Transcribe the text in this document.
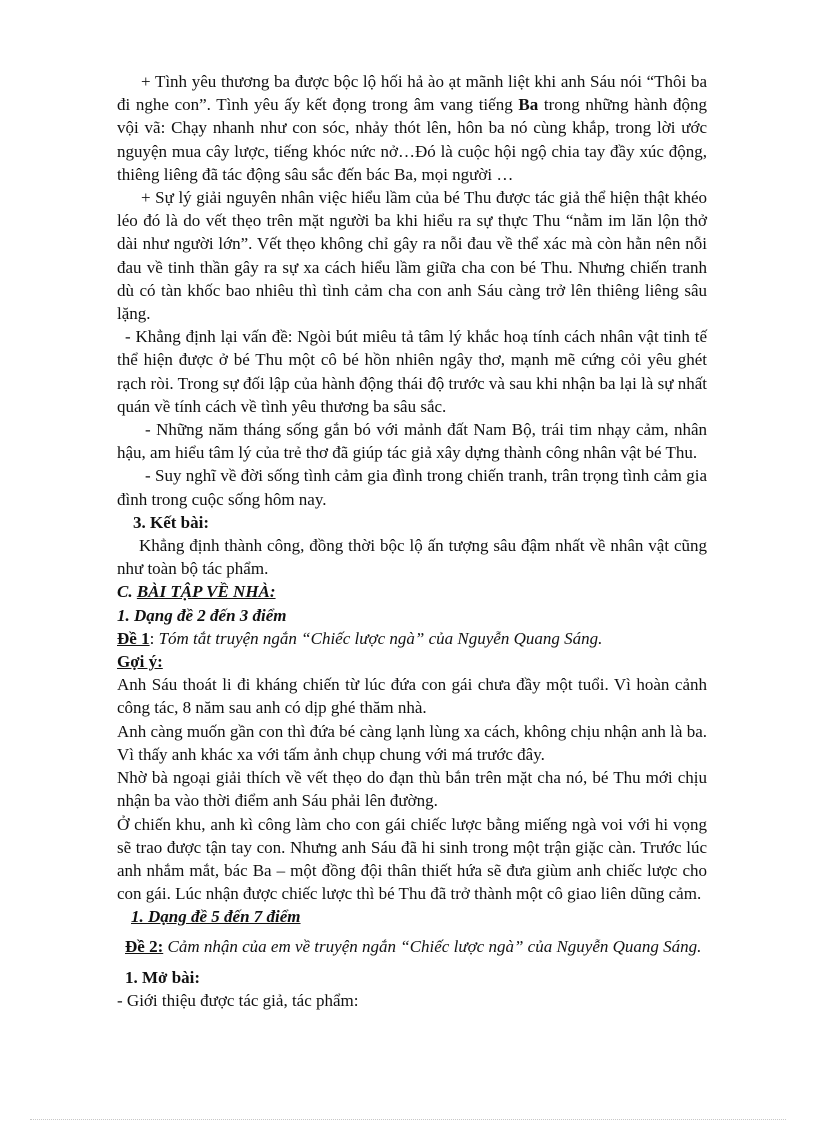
+ Tình yêu thương ba được bộc lộ hối hả ào ạt mãnh liệt khi anh Sáu nói “Thôi ba đi nghe con”. Tình yêu ấy kết đọng trong âm vang tiếng Ba trong những hành động vội vã: Chạy nhanh như con sóc, nhảy thót lên, hôn ba nó cùng khắp, trong lời ước nguyện mua cây lược, tiếng khóc nức nở…Đó là cuộc hội ngộ chia tay đầy xúc động, thiêng liêng đã tác động sâu sắc đến bác Ba, mọi người …

+ Sự lý giải nguyên nhân việc hiểu lầm của bé Thu được tác giả thể hiện thật khéo léo đó là do vết thẹo trên mặt người ba khi hiểu ra sự thực Thu “nằm im lăn lộn thở dài như người lớn”. Vết thẹo không chỉ gây ra nỗi đau về thể xác mà còn hằn nên nỗi đau về tinh thần gây ra sự xa cách hiểu lầm giữa cha con bé Thu. Nhưng chiến tranh dù có tàn khốc bao nhiêu thì tình cảm cha con anh Sáu càng trở lên thiêng liêng sâu lặng.

- Khẳng định lại vấn đề: Ngòi bút miêu tả tâm lý khắc hoạ tính cách nhân vật tinh tế thể hiện được ở bé Thu một cô bé hồn nhiên ngây thơ, mạnh mẽ cứng cỏi yêu ghét rạch ròi. Trong sự đối lập của hành động thái độ trước và sau khi nhận ba lại là sự nhất quán về tính cách về tình yêu thương ba sâu sắc.

- Những năm tháng sống gắn bó với mảnh đất Nam Bộ, trái tim nhạy cảm, nhân hậu, am hiểu tâm lý của trẻ thơ đã giúp tác giả xây dựng thành công nhân vật bé Thu.

- Suy nghĩ về đời sống tình cảm gia đình trong chiến tranh, trân trọng tình cảm gia đình trong cuộc sống hôm nay.

3. Kết bài:

Khẳng định thành công, đồng thời bộc lộ ấn tượng sâu đậm nhất về nhân vật cũng như toàn bộ tác phẩm.

C. BÀI TẬP VỀ NHÀ:

1. Dạng đề 2 đến 3 điểm

Đề 1: Tóm tắt truyện ngắn “Chiếc lược ngà” của Nguyễn Quang Sáng.

Gợi ý:

Anh Sáu thoát li đi kháng chiến từ lúc đứa con gái chưa đầy một tuổi. Vì hoàn cảnh công tác, 8 năm sau anh có dịp ghé thăm nhà.

Anh càng muốn gần con thì đứa bé càng lạnh lùng xa cách, không chịu nhận anh là ba. Vì thấy anh khác xa với tấm ảnh chụp chung với má trước đây.

Nhờ bà ngoại giải thích về vết thẹo do đạn thù bắn trên mặt cha nó, bé Thu mới chịu nhận ba vào thời điểm anh Sáu phải lên đường.

Ở chiến khu, anh kì công làm cho con gái chiếc lược bằng miếng ngà voi với hi vọng sẽ trao được tận tay con. Nhưng anh Sáu đã hi sinh trong một trận giặc càn. Trước lúc anh nhắm mắt, bác Ba – một đồng đội thân thiết hứa sẽ đưa giùm anh chiếc lược cho con gái. Lúc nhận được chiếc lược thì bé Thu đã trở thành một cô giao liên dũng cảm.

1. Dạng đề 5 đến 7 điểm

Đề 2: Cảm nhận của em về truyện ngắn “Chiếc lược ngà” của Nguyễn Quang Sáng.

1. Mở bài:

- Giới thiệu được tác giả, tác phẩm:
